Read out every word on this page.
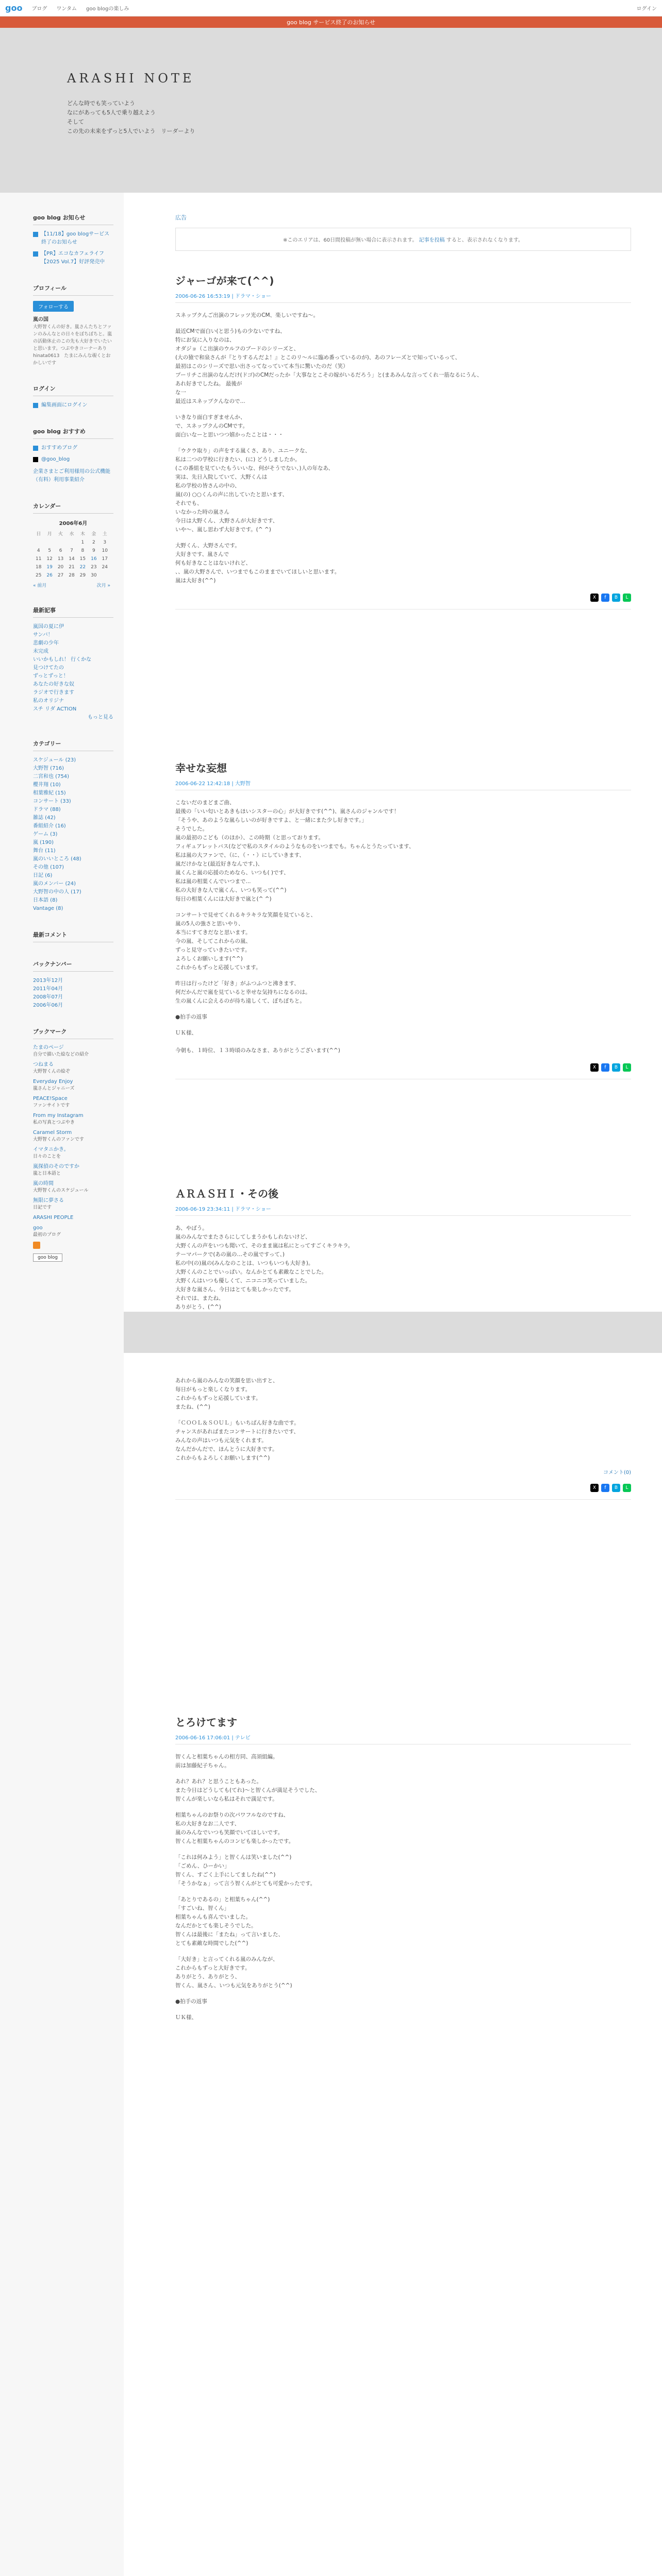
goo ブログ ワンタム goo blogの楽しみ	ログイン
goo blog サービス終了のお知らせ
ARASHI NOTE
どんな時でも笑っていよう
なにがあっても5人で乗り越えよう
そして
この先の未来をずっと5人でいよう　リーダーより
goo blog お知らせ
【11/18】goo blogサービス終了のお知らせ
【PR】エコなカフェライフ　【2025 Vol.7】好評発売中
プロフィール
フォローする
嵐の国
大野智くんの好き。嵐さんたちとファンのみんなとの日々をぼちぼちと。嵐の活動休止のこの先も大好きでいたいと思います。つぶやきコーナーあり
hinata0613　たまにみんな覗くとおかしいです
ログイン
編集画面にログイン
goo blog おすすめ
おすすめブログ
@goo_blog
企業さまとご利用様用の公式機能（有料）利用事業紹介
カレンダー
2006年6月
日	月	火	水	木	金	土
				1	2	3
4	5	6	7	8	9	10
11	12	13	14	15	16	17
18	19	20	21	22	23	24
25	26	27	28	29	30	
« 前月	次月 »
最新記事
嵐国の夏に伊
サンバ！
悲劇の少年
未完成
いいかもしれ！ 行くかな
見つけてたの
ずっとずっと！
あなたの好きな奴
ラジオで行きます
私のオリジナ
スチ リダ ACTION
もっと見る
カテゴリー
スケジュール (23)
大野智 (716)
二宮和也 (754)
櫻井翔 (10)
相葉雅紀 (15)
コンサート (33)
ドラマ (88)
雑誌 (42)
番組紹介 (16)
ゲーム (3)
嵐 (190)
舞台 (11)
嵐のいいところ (48)
その他 (107)
日記 (6)
嵐のメンバー (24)
大野智の中の人 (17)
日本語 (8)
Vantage (8)
最新コメント
バックナンバー
2013年12月
2011年04月
2008年07月
2006年06月
ブックマーク
たまのページ
自分で描いた絵などの紹介
つねまる
大野智くんの絵ぞ
Everyday Enjoy
嵐さんとジャニーズ
PEACE!Space
ファンサイトです
From my Instagram
私の写真とつぶやき
Caramel Storm
大野智くんのファンです
イマタニかき。
日々のことを
嵐探偵のそのですか
嵐と日本語と
嵐の時間
大野智くんのスケジュール
無限に夢さる
日記です
ARASHI PEOPLE
goo
最初のプログ
goo blog
広告
※このエリアは、60日間投稿が無い場合に表示されます。 記事を投稿 すると、表示されなくなります。
ジャーゴが来て(^^)
2006-06-26 16:53:19 | ドラマ・ショー

スネップクんご出演のフレッツ光のCM、楽しいですね〜。

最近CMで面白い(と思う)もの少ないですね、
特にお気に入りなのは、
オダジョ（こ出演のウルフのブードのシリーズと、
(大の猿で和泉さんが『とりするんだよ！』とこのリ〜ルに臨め番っているのが)、あのフレーズとで知っているって、
最初はこのシリーズで思い出さってなっていて本当に驚いたのだ（笑）
プーリチこ出演のなんだけ(ドゴ)のCMだったか「大事なとこその嫁がいるだろう」と(まあみんな言ってくれ一筋なるにうん、
あれ好きでしたね。 最後が
な一
最近はスネップクんなので...

いきなり面白すぎませんか、
で、スネップクんのCMです。
面白いなーと思いつつ嬉かったことは・・・

「ウクウ取り」の声をする嵐くさ、あり、ユニークな、
私は二つの学校に行きたい、(に) どうしましたか。
(この番組を見ていたもういいな、何がそうでない、)人の年なあ、
実は、先日入院していて、大野くんは
私の学校の皆さんの中の、
嵐(の) ○○くんの声に出していたと思います、
それでも、
いなかった時の嵐さん
今日は大野くん、大野さんが大好きです、
いや〜、嵐し思わず大好きです。(^ ^)

大野くん、大野さんです。
大好きです、嵐さんで
何も好きなことはないけれど、
、、嵐の大野さんで、いつまでもこのままでいてほしいと思います。
嵐は大好き(^^)

X	f	B	L
幸せな妄想
2006-06-22 12:42:18 | 大野智

こないだのまどまご曲、
最後の「いい匂いとあきもほいシスターの心」が大好きです(^^)、嵐さんのジャンルです！
「そうや、あのような嵐らしいのが好きですよ、と一緒にまた少し好きです。」
そうでした。
嵐の最初のこども（のほか）、この時期（と思っております。
フィギュアレットバス(などで私のスタイルのようなものをいつまでも。ちゃんとうたっています、
私は嵐の大ファンで、（に、（・・）にしていきます、
嵐だけかなと(最近好きなんです、)、
嵐くんと嵐の応援のためなら、いつも( )です、
私は嵐の相葉くんでいつまで...
私の大好きな人で嵐くん、いつも笑って(^^)
毎日の相葉くんには大好きで嵐と(^ ^)

コンサートで見せてくれるキラキラな笑顔を見ていると、
嵐の5人の強さと思いやり、
本当にすてきだなと思います。
今の嵐、そしてこれからの嵐、
ずっと見守っていきたいです。
よろしくお願いします(^^)
これからもずっと応援しています。

昨日は行ったけど「好き」がふつふつと沸きます、
何だかんだで嵐を見ていると幸せな気持ちになるのは。
生の嵐くんに会えるのが待ち遠しくて、ぼちぼちと。

●拍手の返事

ＵＫ様、

今朝も、１時位、１３時頃のみなさま、ありがとうございます(^^)

X	f	B	L
ＡＲＡＳＨＩ・その後
2006-06-19 23:34:11 | ドラマ・ショー

あ、やばう。
嵐のみんなでまたさらにしてしまうかもしれないけど、
大野くんの声をいつも聞いて、そのまま嵐は私にとってすごくキラキラ。
テーマパークで(あの嵐の…その嵐ですって、)
私の中(の)嵐の(みんなのことは、いつもいつも大好き)。
大野くんのことでいっぱい。なんかとても素敵なことでした。
大野くんはいつも優しくて、ニコニコ笑っていました。
大好きな嵐さん、今日はとても楽しかったです。
それでは、またね、
ありがとう、(^^)

あれから嵐のみんなの笑顔を思い出すと、
毎日がもっと楽しくなります。
これからもずっと応援しています。
またね、(^^)

「ＣＯＯＬ＆ＳＯＵＬ」もいちばん好きな曲です。
チャンスがあればまたコンサートに行きたいです、
みんなの声はいつも元気をくれます。
なんだかんだで、ほんとうに大好きです。
これからもよろしくお願いします(^^)

コメント(0)
X	f	B	L
とろけてます
2006-06-16 17:06:01 | テレビ

智くんと相葉ちゃんの相方同、高須組編。
前は加藤紀子ちゃん。

あれ？あれ？と思うこともあった。
また今日はどうしても(てれ)〜と智くんが満足そうでした、
智くんが楽しいなら私はそれで満足です。

相葉ちゃんのお祭りの次パワフルなのですね、
私の大好きなお二人です、
嵐のみんなでいつも笑顔でいてほしいです。
智くんと相葉ちゃんのコンビも楽しかったです。

「これは何みよう」と智くんは笑いました(^^)
「ごめん、ひーかい」
智くん、すごく上手にしてましたね(^^)
「そうかなぁ」って言う智くんがとても可愛かったです。

「あとりであるの」と相葉ちゃん(^^)
「すごいね、智くん」
相葉ちゃんも喜んでいました。
なんだかとても楽しそうでした。
智くんは最後に「またね」って言いました、
とても素敵な時間でした(^^)

「大好き」と言ってくれる嵐のみんなが、
これからもずっと大好きです。
ありがとう、ありがとう、
智くん、嵐さん、いつも元気をありがとう(^^)

●拍手の返事

ＵＫ様、
